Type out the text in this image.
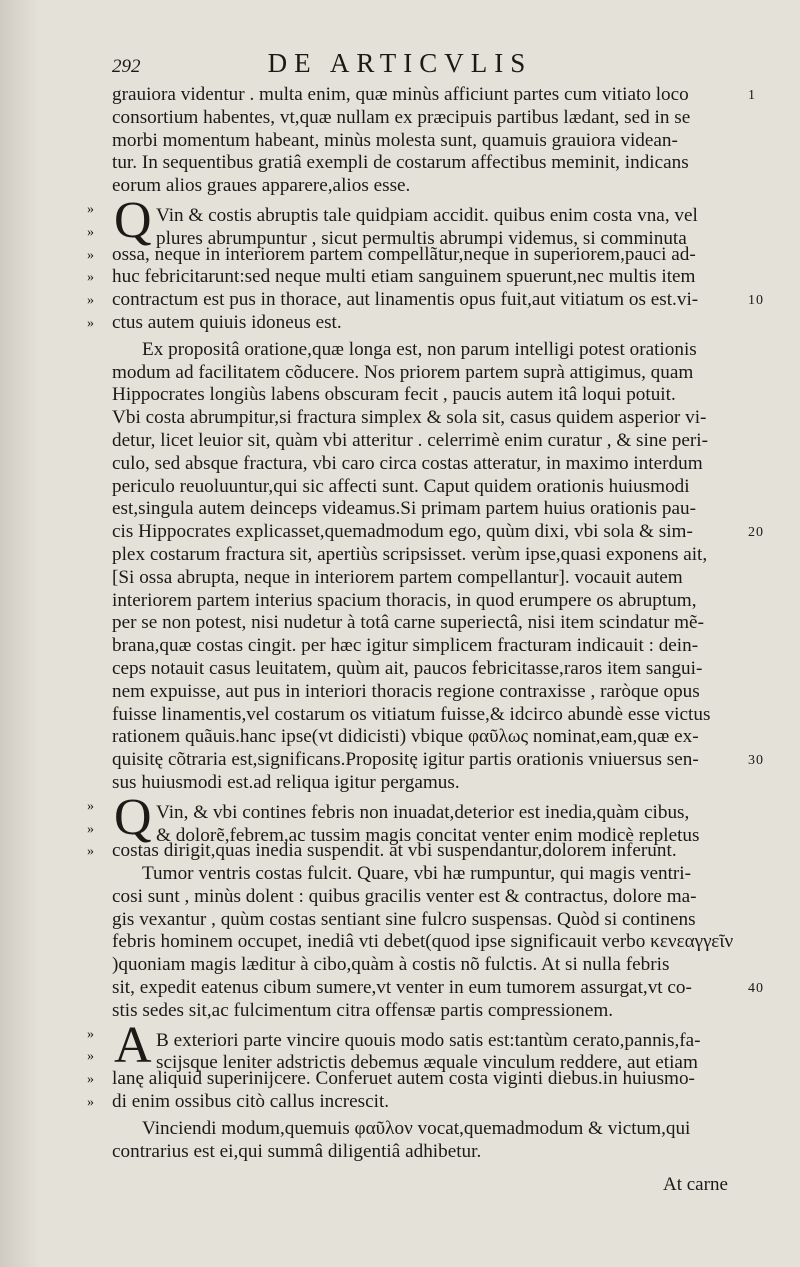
292	DE ARTICVLIS
grauiora videntur . multa enim, quæ minùs afficiunt partes cum vitiato loco	1
consortium habentes, vt,quæ nullam ex præcipuis partibus lædant, sed in se
morbi momentum habeant, minùs molesta sunt, quamuis grauiora videan-
tur. In sequentibus gratiâ exempli de costarum affectibus meminit, indicans
eorum alios graues apparere,alios esse.
» Q Vin & costis abruptis tale quidpiam accidit. quibus enim costa vna, vel
»	plures abrumpuntur , sicut permultis abrumpi videmus, si comminuta
» ossa, neque in interiorem partem compellãtur,neque in superiorem,pauci ad-
» huc febricitarunt:sed neque multi etiam sanguinem spuerunt,nec multis item
» contractum est pus in thorace, aut linamentis opus fuit,aut vitiatum os est.vi-	10
» ctus autem quiuis idoneus est.
Ex propositâ oratione,quæ longa est, non parum intelligi potest orationis
modum ad facilitatem cõducere. Nos priorem partem suprà attigimus, quam
Hippocrates longiùs labens obscuram fecit , paucis autem itâ loqui potuit.
Vbi costa abrumpitur,si fractura simplex & sola sit, casus quidem asperior vi-
detur, licet leuior sit, quàm vbi atteritur . celerrimè enim curatur , & sine peri-
culo, sed absque fractura, vbi caro circa costas atteratur, in maximo interdum
periculo reuoluuntur,qui sic affecti sunt. Caput quidem orationis huiusmodi
est,singula autem deinceps videamus.Si primam partem huius orationis pau-
cis Hippocrates explicasset,quemadmodum ego, quùm dixi, vbi sola & sim-	20
plex costarum fractura sit, apertiùs scripsisset. verùm ipse,quasi exponens ait,
[Si ossa abrupta, neque in interiorem partem compellantur]. vocauit autem
interiorem partem interius spacium thoracis, in quod erumpere os abruptum,
per se non potest, nisi nudetur à totâ carne superiectâ, nisi item scindatur mẽ-
brana,quæ costas cingit. per hæc igitur simplicem fracturam indicauit : dein-
ceps notauit casus leuitatem, quùm ait, paucos febricitasse,raros item sangui-
nem expuisse, aut pus in interiori thoracis regione contraxisse , raròque opus
fuisse linamentis,vel costarum os vitiatum fuisse,& idcirco abundè esse victus
rationem quãuis.hanc ipse(vt didicisti) vbique φαῦλως nominat,eam,quæ ex-
quisitę cõtraria est,significans.Propositę igitur partis orationis vniuersus sen-	30
sus huiusmodi est.ad reliqua igitur pergamus.
» Q Vin, & vbi contines febris non inuadat,deterior est inedia,quàm cibus,
»	& dolorẽ,febrem,ac tussim magis concitat venter enim modicè repletus
» costas dirigit,quas inedia suspendit. at vbi suspendantur,dolorem inferunt.
Tumor ventris costas fulcit. Quare, vbi hæ rumpuntur, qui magis ventri-
cosi sunt , minùs dolent : quibus gracilis venter est & contractus, dolore ma-
gis vexantur , quùm costas sentiant sine fulcro suspensas. Quòd si continens
febris hominem occupet, inediâ vti debet(quod ipse significauit verbo κενεαγγεῖν
)quoniam magis læditur à cibo,quàm à costis nõ fulctis. At si nulla febris
sit, expedit eatenus cibum sumere,vt venter in eum tumorem assurgat,vt co-	40
stis sedes sit,ac fulcimentum citra offensæ partis compressionem.
» A B exteriori parte vincire quouis modo satis est:tantùm cerato,pannis,fa-
»	scijsque leniter adstrictis debemus æquale vinculum reddere, aut etiam
» lanę aliquid superinijcere. Conferuet autem costa viginti diebus.in huiusmo-
» di enim ossibus citò callus increscit.
Vinciendi modum,quemuis φαῦλον vocat,quemadmodum & victum,qui
contrarius est ei,qui summâ diligentiâ adhibetur.
At carne
